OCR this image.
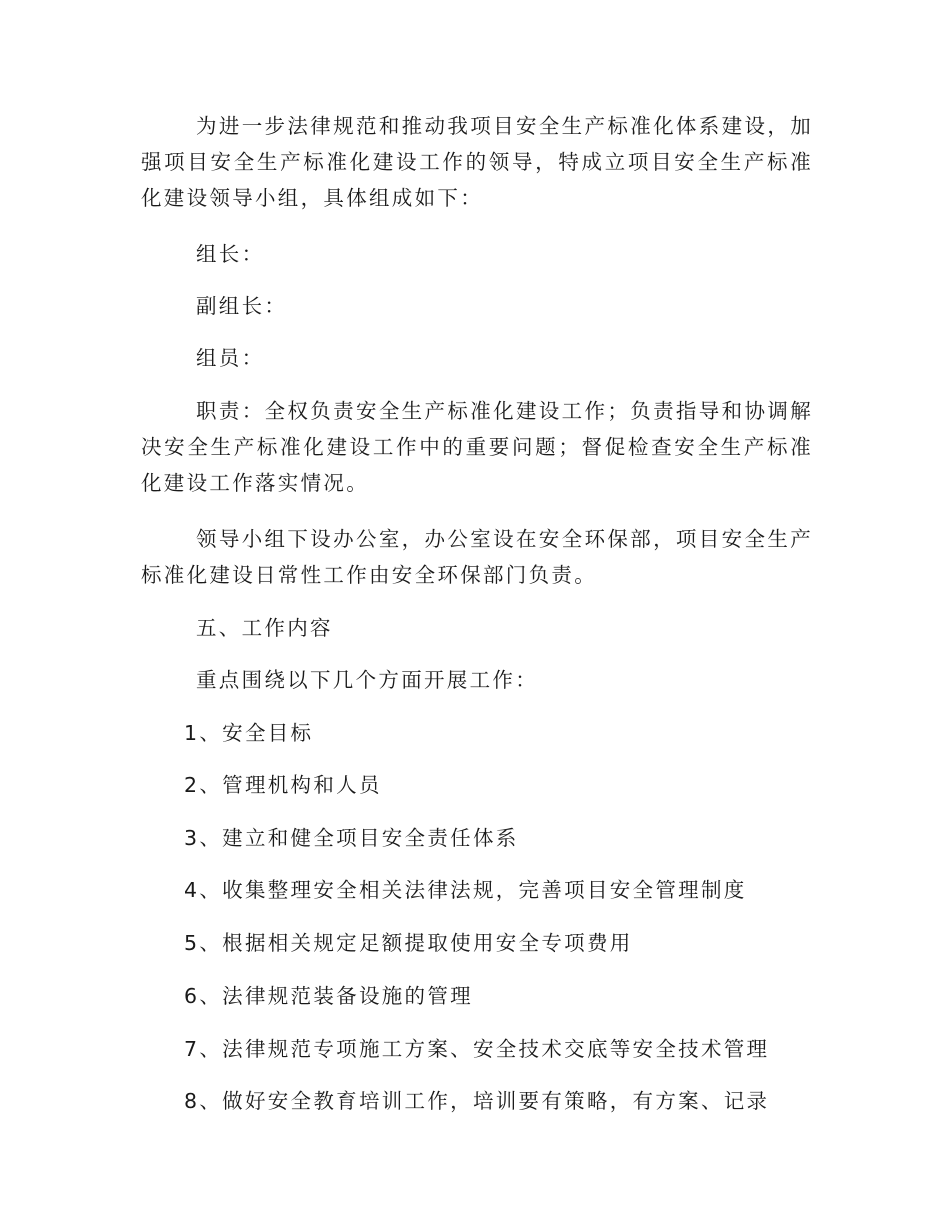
为进一步法律规范和推动我项目安全生产标准化体系建设，加强项目安全生产标准化建设工作的领导，特成立项目安全生产标准化建设领导小组，具体组成如下：

组长：

副组长：

组员：

职责：全权负责安全生产标准化建设工作；负责指导和协调解决安全生产标准化建设工作中的重要问题；督促检查安全生产标准化建设工作落实情况。

领导小组下设办公室，办公室设在安全环保部，项目安全生产标准化建设日常性工作由安全环保部门负责。

五、工作内容

重点围绕以下几个方面开展工作：

1、安全目标

2、管理机构和人员

3、建立和健全项目安全责任体系

4、收集整理安全相关法律法规，完善项目安全管理制度

5、根据相关规定足额提取使用安全专项费用

6、法律规范装备设施的管理

7、法律规范专项施工方案、安全技术交底等安全技术管理

8、做好安全教育培训工作，培训要有策略，有方案、记录
